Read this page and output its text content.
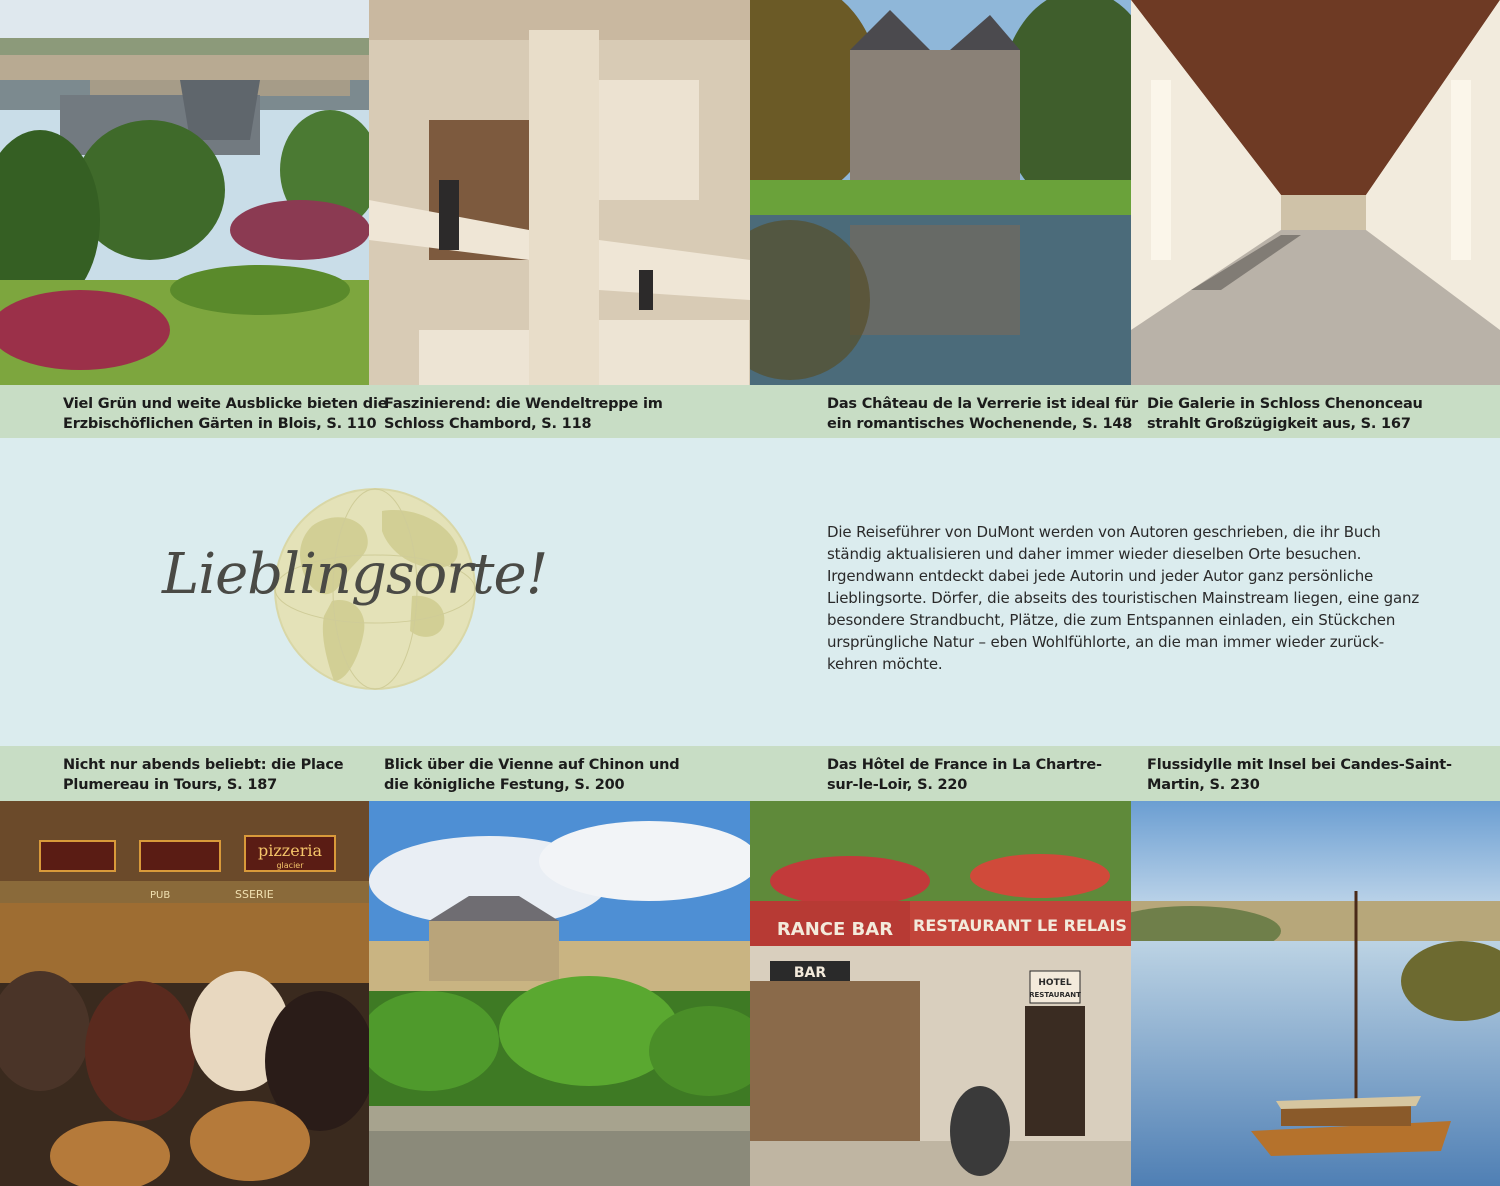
Viel Grün und weite Ausblicke bieten die
Erzbischöflichen Gärten in Blois, S. 110
Faszinierend: die Wendeltreppe im
Schloss Chambord, S. 118
Das Château de la Verrerie ist ideal für
ein romantisches Wochenende, S. 148
Die Galerie in Schloss Chenonceau
strahlt Großzügigkeit aus, S. 167
Lieblingsorte!
Die Reiseführer von DuMont werden von Autoren geschrieben, die ihr Buch
ständig aktualisieren und daher immer wieder dieselben Orte besuchen.
Irgendwann entdeckt dabei jede Autorin und jeder Autor ganz persönliche
Lieblingsorte. Dörfer, die abseits des touristischen Mainstream liegen, eine ganz
besondere Strandbucht, Plätze, die zum Entspannen einladen, ein Stückchen
ursprüngliche Natur – eben Wohlfühlorte, an die man immer wieder zurück-
kehren möchte.
Nicht nur abends beliebt: die Place
Plumereau in Tours, S. 187
Blick über die Vienne auf Chinon und
die königliche Festung, S. 200
Das Hôtel de France in La Chartre-
sur-le-Loir, S. 220
Flussidylle mit Insel bei Candes-Saint-
Martin, S. 230
pizzeria
glacier
PUB	SSERIE
RANCE BAR RESTAURANT LE RELAIS
BAR
HOTEL
RESTAURANT
